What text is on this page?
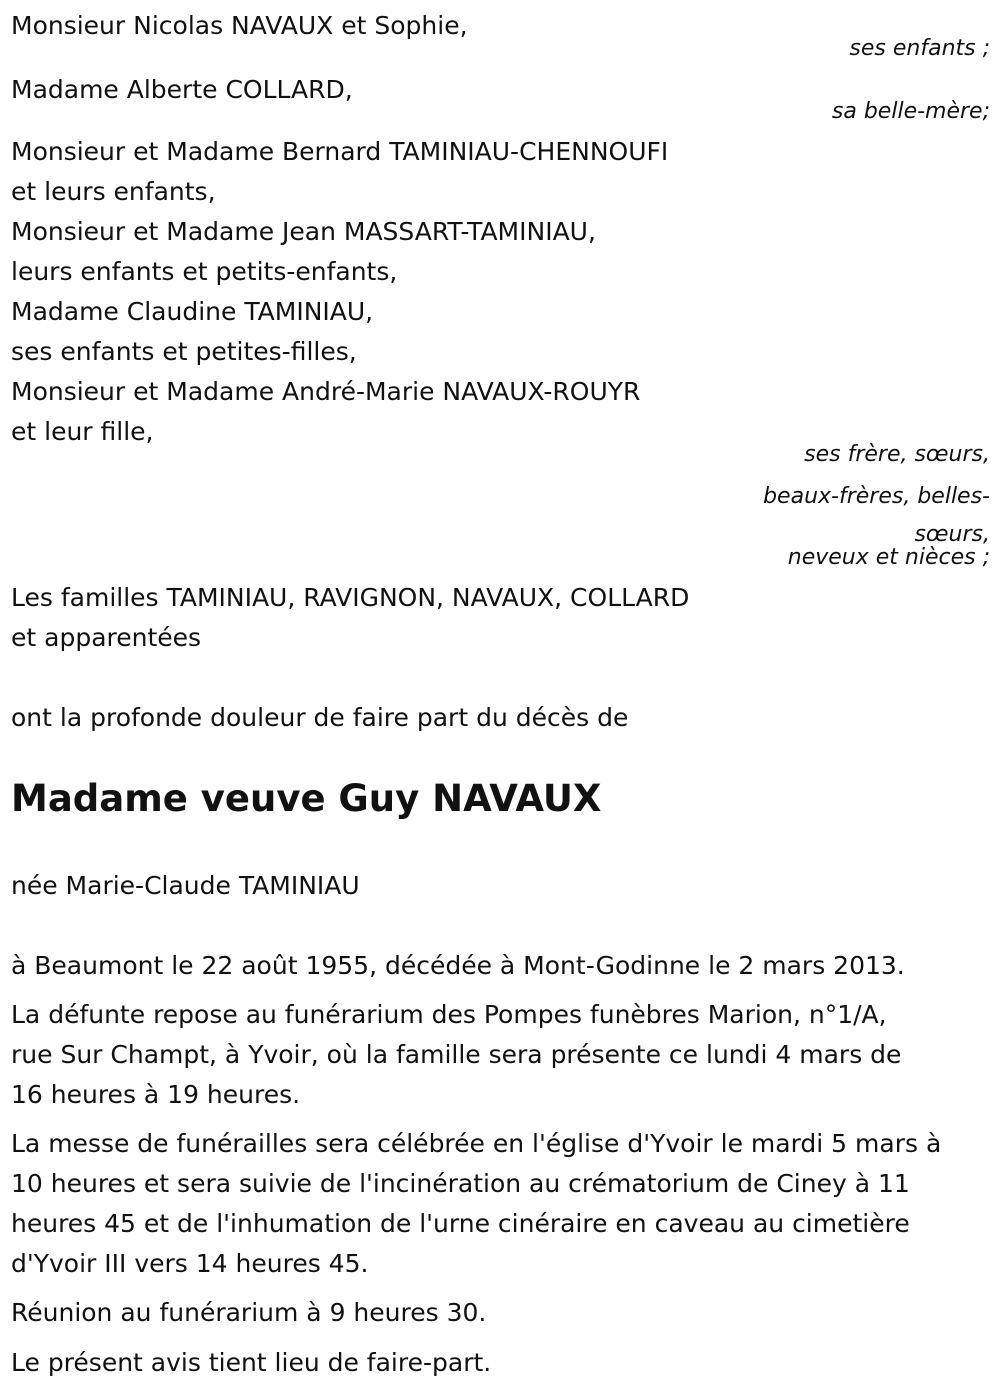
Monsieur Nicolas NAVAUX et Sophie,
ses enfants ;
Madame Alberte COLLARD,
sa belle-mère;
Monsieur et Madame Bernard TAMINIAU-CHENNOUFI
et leurs enfants,
Monsieur et Madame Jean MASSART-TAMINIAU,
leurs enfants et petits-enfants,
Madame Claudine TAMINIAU,
ses enfants et petites-filles,
Monsieur et Madame André-Marie NAVAUX-ROUYR
et leur fille,
ses frère, sœurs,
beaux-frères, belles-
sœurs,
neveux et nièces ;
Les familles TAMINIAU, RAVIGNON, NAVAUX, COLLARD
et apparentées
ont la profonde douleur de faire part du décès de
Madame veuve Guy NAVAUX
née Marie-Claude TAMINIAU
à Beaumont le 22 août 1955, décédée à Mont-Godinne le 2 mars 2013.
La défunte repose au funérarium des Pompes funèbres Marion, n°1/A,
rue Sur Champt, à Yvoir, où la famille sera présente ce lundi 4 mars de
16 heures à 19 heures.
La messe de funérailles sera célébrée en l'église d'Yvoir le mardi 5 mars à
10 heures et sera suivie de l'incinération au crématorium de Ciney à 11
heures 45 et de l'inhumation de l'urne cinéraire en caveau au cimetière
d'Yvoir III vers 14 heures 45.
Réunion au funérarium à 9 heures 30.
Le présent avis tient lieu de faire-part.
